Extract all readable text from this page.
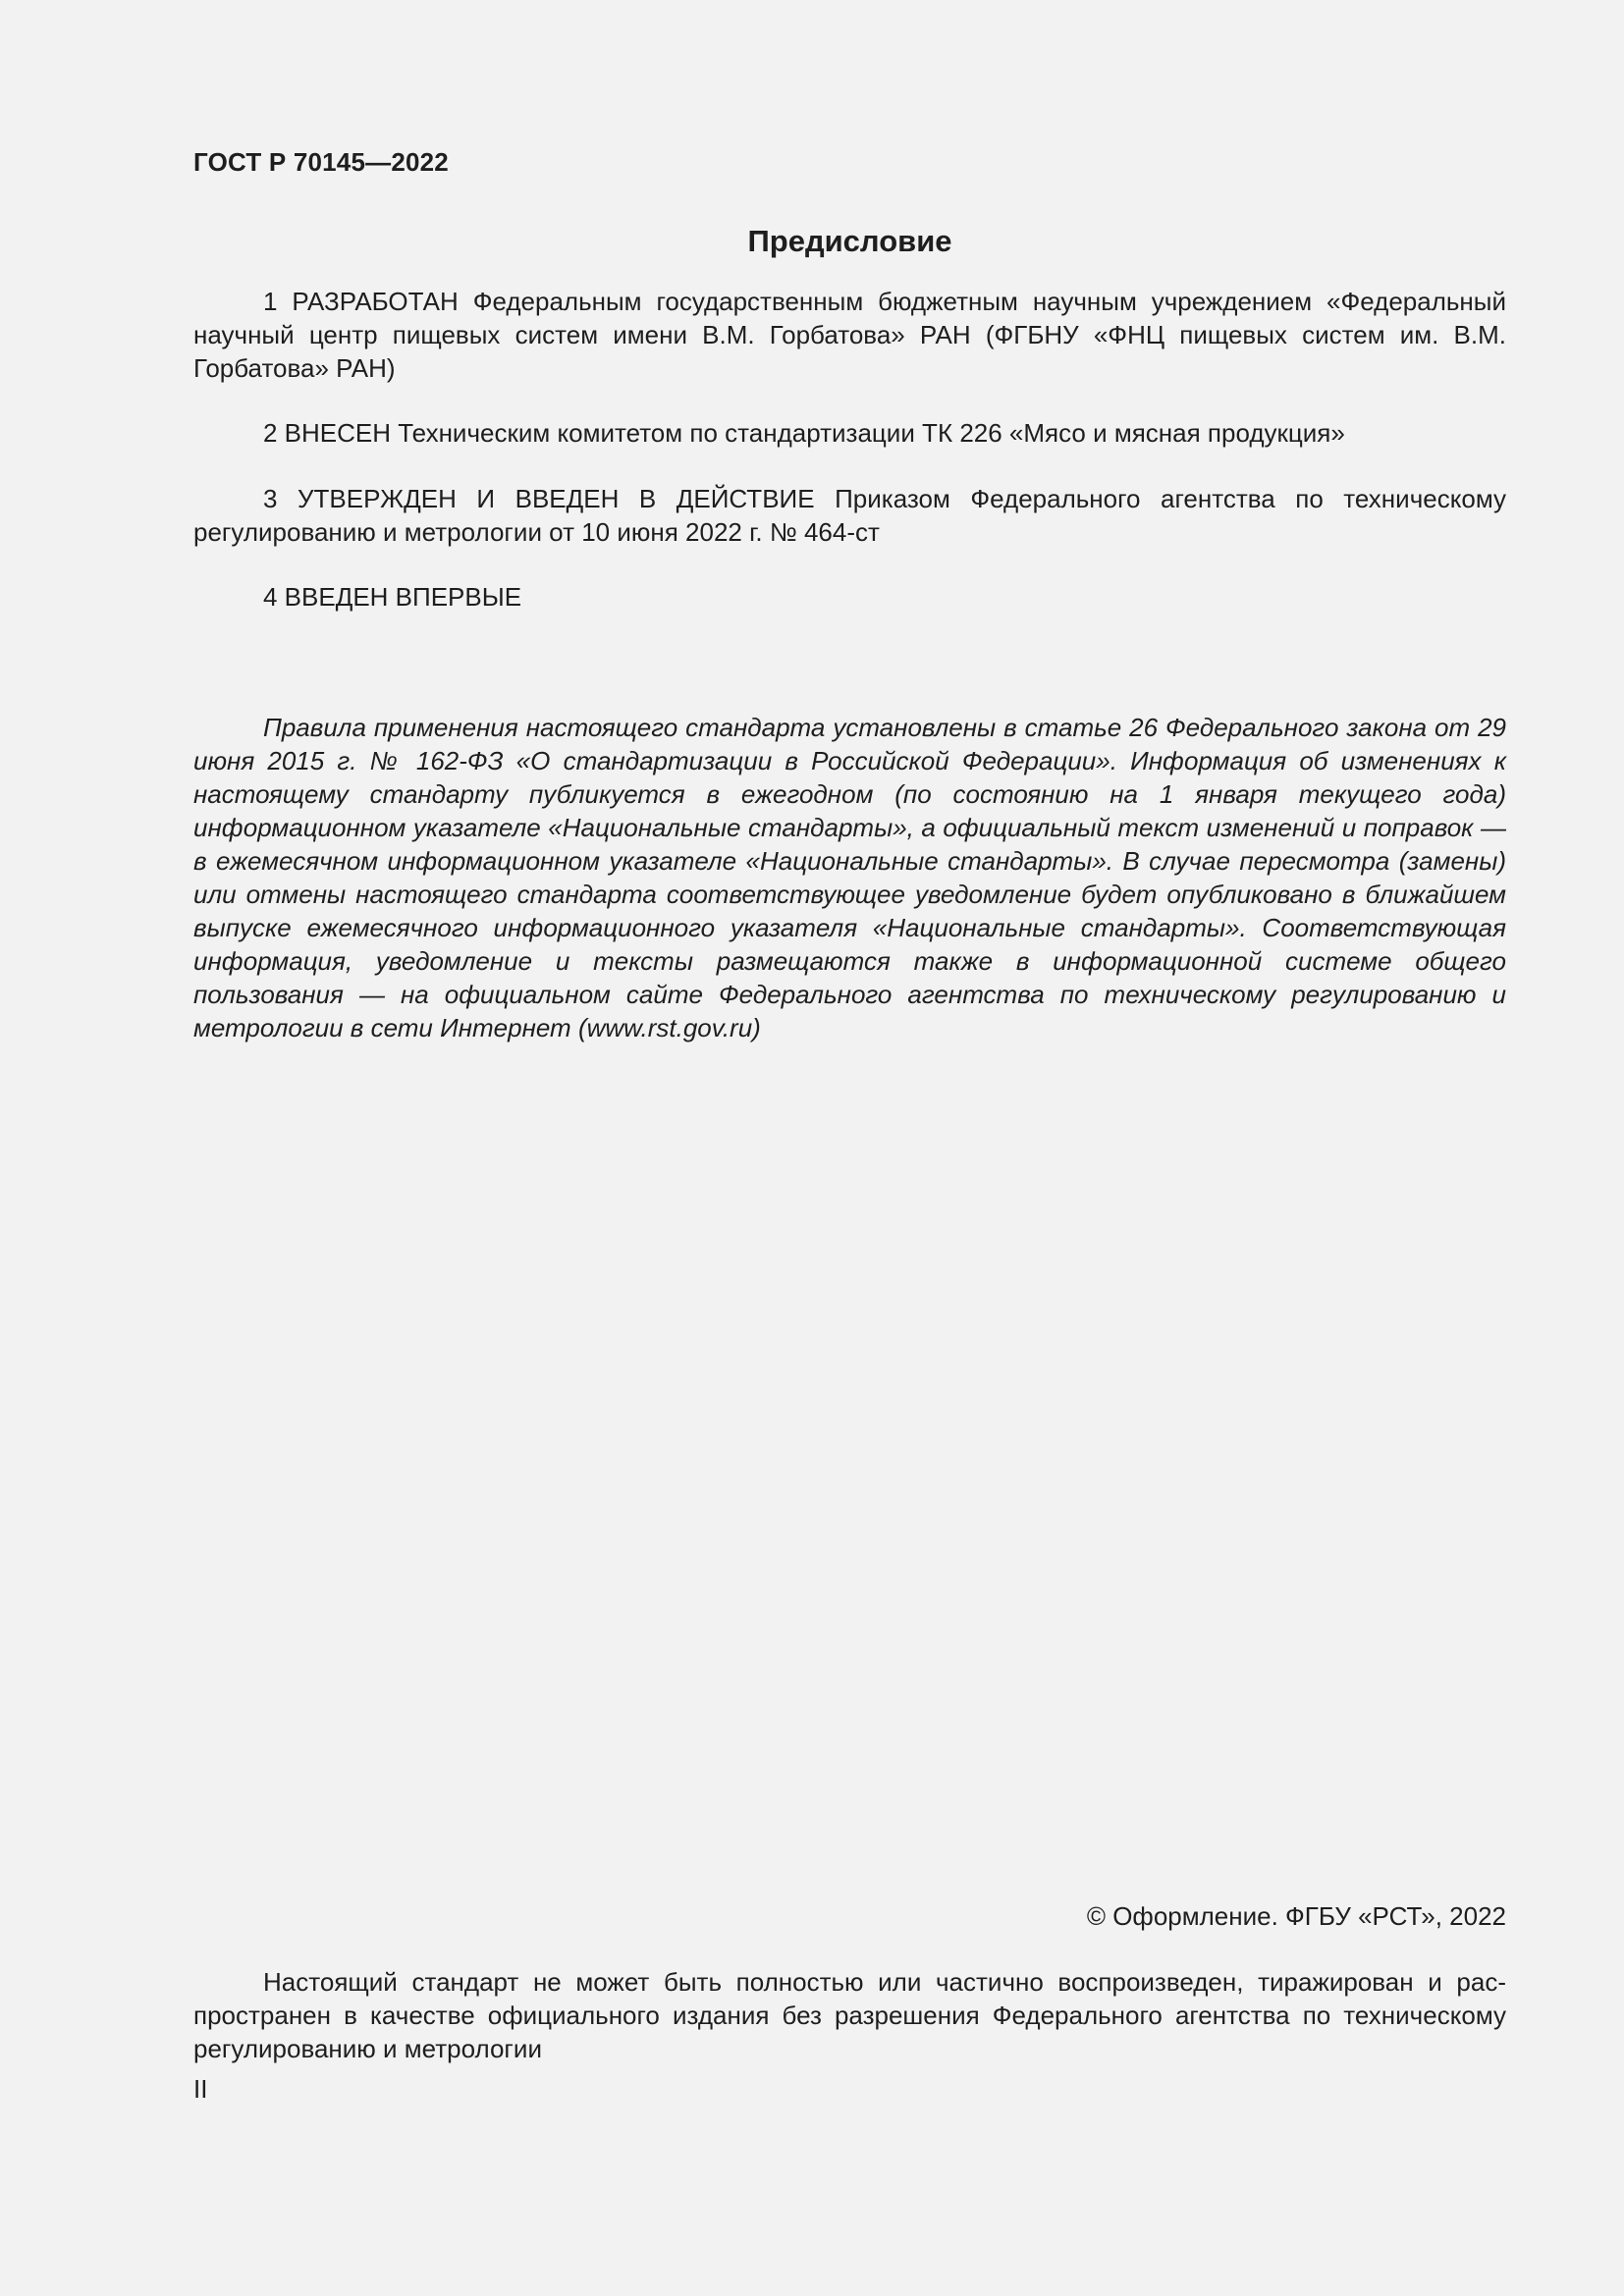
ГОСТ Р 70145—2022
Предисловие

1 РАЗРАБОТАН Федеральным государственным бюджетным научным учреждением «Федеральный научный центр пищевых систем имени В.М. Горбатова» РАН (ФГБНУ «ФНЦ пищевых систем им. В.М. Горбатова» РАН)

2 ВНЕСЕН Техническим комитетом по стандартизации ТК 226 «Мясо и мясная продукция»

3 УТВЕРЖДЕН И ВВЕДЕН В ДЕЙСТВИЕ Приказом Федерального агентства по техническому регулированию и метрологии от 10 июня 2022 г. № 464-ст

4 ВВЕДЕН ВПЕРВЫЕ

Правила применения настоящего стандарта установлены в статье 26 Федерального закона от 29 июня 2015 г. № 162-ФЗ «О стандартизации в Российской Федерации». Информация об изменениях к настоящему стандарту публикуется в ежегодном (по состоянию на 1 января текущего года) информационном указателе «Национальные стандарты», а официальный текст изменений и поправок — в ежемесячном информационном указателе «Национальные стандарты». В случае пересмотра (замены) или отмены настоящего стандарта соответствующее уведомление будет опубликовано в ближайшем выпуске ежемесячного информационного указателя «Национальные стандарты». Соответствующая информация, уведомление и тексты размещаются также в информационной системе общего пользования — на официальном сайте Федерального агентства по техническому регулированию и метрологии в сети Интернет (www.rst.gov.ru)

© Оформление. ФГБУ «РСТ», 2022

Настоящий стандарт не может быть полностью или частично воспроизведен, тиражирован и распространен в качестве официального издания без разрешения Федерального агентства по техническому регулированию и метрологии

II
